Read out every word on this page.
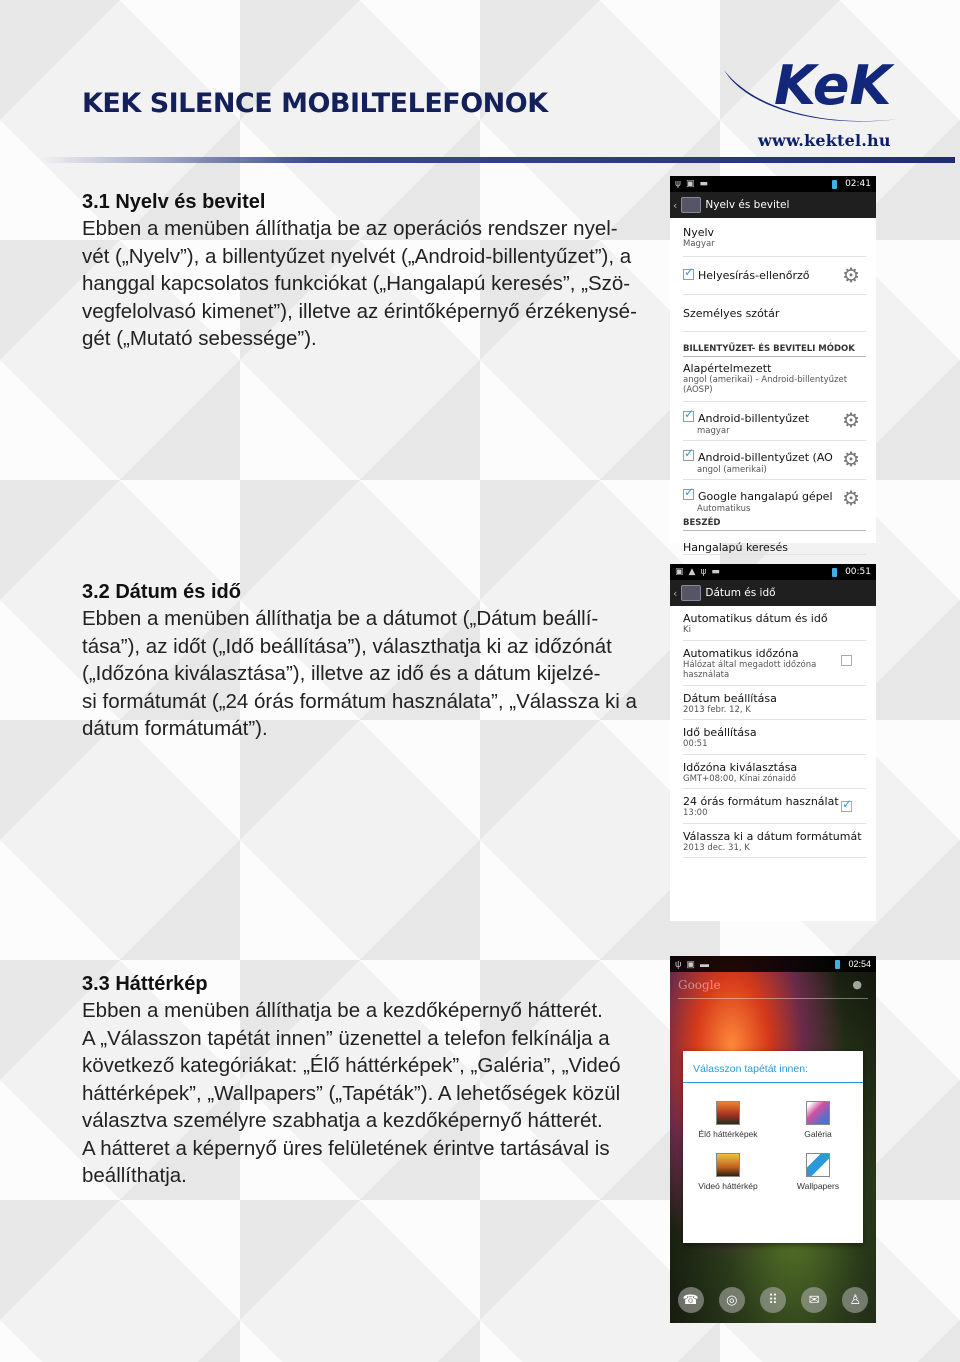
KEK SILENCE MOBILTELEFONOK	KeK
www.kektel.hu
3.1 Nyelv és bevitel

Ebben a menüben állíthatja be az operációs rendszer nyel-

vét („Nyelv”), a billentyűzet nyelvét („Android-billentyűzet”), a

hanggal kapcsolatos funkciókat („Hangalapú keresés”, „Szö-

vegfelolvasó kimenet”), illetve az érintőképernyő érzékenysé-

gét („Mutató sebessége”).

3.2 Dátum és idő

Ebben a menüben állíthatja be a dátumot („Dátum beállí-

tása”), az időt („Idő beállítása”), választhatja ki az időzónát

(„Időzóna kiválasztása”), illetve az idő és a dátum kijelzé-

si formátumát („24 órás formátum használata”, „Válassza ki a

dátum formátumát”).

3.3 Háttérkép

Ebben a menüben állíthatja be a kezdőképernyő hátterét.

A „Válasszon tapétát innen” üzenettel a telefon felkínálja a

következő kategóriákat: „Élő háttérképek”, „Galéria”, „Videó

háttérképek”, „Wallpapers” („Tapéták”). A lehetőségek közül

választva személyre szabhatja a kezdőképernyő hátterét.

A hátteret a képernyő üres felületének érintve tartásával is

beállíthatja.

ψ ▣ ▬	02:41
‹	Nyelv és bevitel
Nyelv
Magyar
✓Helyesírás-ellenőrző	⚙
Személyes szótár
BILLENTYŰZET- ÉS BEVITELI MÓDOK
Alapértelmezett
angol (amerikai) - Android-billentyűzet (AOSP)
✓Android-billentyűzet
magyar	⚙
✓Android-billentyűzet (AO
angol (amerikai)	⚙
✓Google hangalapú gépel
Automatikus	⚙
BESZÉD
Hangalapú keresés
▣ ▲ ψ ▬	00:51
‹	Dátum és idő
Automatikus dátum és idő
Ki
Automatikus időzóna
Hálózat által megadott időzóna használata
Dátum beállítása
2013 febr. 12, K
Idő beállítása
00:51
Időzóna kiválasztása
GMT+08:00, Kínai zónaidő
24 órás formátum használat
13:00
✓
Válassza ki a dátum formátumát
2013 dec. 31, K
ψ ▣ ▬	02:54
Google	●
Válasszon tapétát innen:
Élő háttérképek	Galéria
Videó háttérkép	Wallpapers
☎	◎	⠿	✉	♙
